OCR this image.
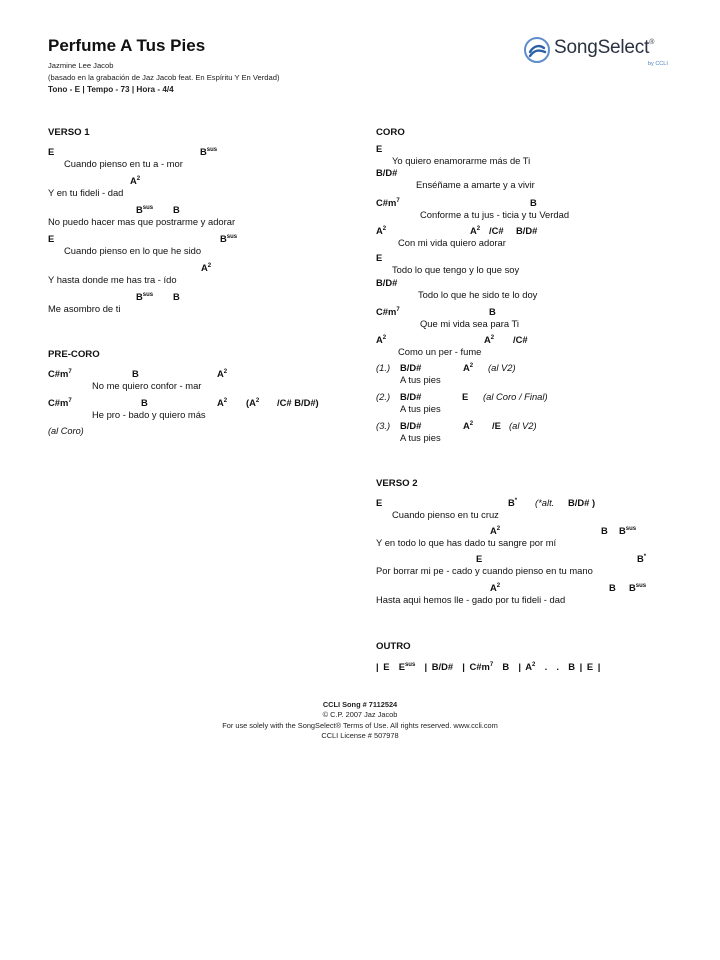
Perfume A Tus Pies
Jazmine Lee Jacob
(basado en la grabación de Jaz Jacob feat. En Espíritu Y En Verdad)
Tono - E | Tempo - 73 | Hora - 4/4
SongSelect®
by CCLI
VERSO 1
E	$B^{sus}$
Cuando pienso en tu a - mor
$A^2$
Y en tu fideli - dad
$B^{sus}$ B
No puedo hacer mas que postrarme y adorar
E	$B^{sus}$
Cuando pienso en lo que he sido
$A^2$
Y hasta donde me has tra - ído
$B^{sus}$ B
Me asombro de ti
PRE-CORO
$C\#m^7$	B	$A^2$
No me quiero confor - mar
$C\#m^7$	B	$A^2$ ($A^2$ /C# B/D#)
He pro - bado y quiero más
(al Coro)
CORO
E
Yo quiero enamorarme más de Ti
B/D#
Enséñame a amarte y a vivir
$C\#m^7$	B
Conforme a tu jus - ticia y tu Verdad
$A^2$	$A^2$ /C# B/D#
Con mi vida quiero adorar
E
Todo lo que tengo y lo que soy
B/D#
Todo lo que he sido te lo doy
$C\#m^7$	B
Que mi vida sea para Ti
$A^2$	$A^2$ /C#
Como un per - fume
(1.) B/D#	$A^2$ (al V2)
A tus pies
(2.) B/D#	E (al Coro / Final)
A tus pies
(3.) B/D#	$A^2$ /E (al V2)
A tus pies
VERSO 2
E	B* (*alt. B/D# )
Cuando pienso en tu cruz
$A^2$	B $B^{sus}$
Y en todo lo que has dado tu sangre por mí
E	B*
Por borrar mi pe - cado y cuando pienso en tu mano
$A^2$	B $B^{sus}$
Hasta aqui hemos lle - gado por tu fideli - dad
OUTRO
| E  $E^{sus}$  | B/D#  | $C\#m^7$  B  | $A^2$  .  .  B | E |
CCLI Song # 7112524
© C.P. 2007 Jaz Jacob
For use solely with the SongSelect® Terms of Use. All rights reserved. www.ccli.com
CCLI License # 507978
